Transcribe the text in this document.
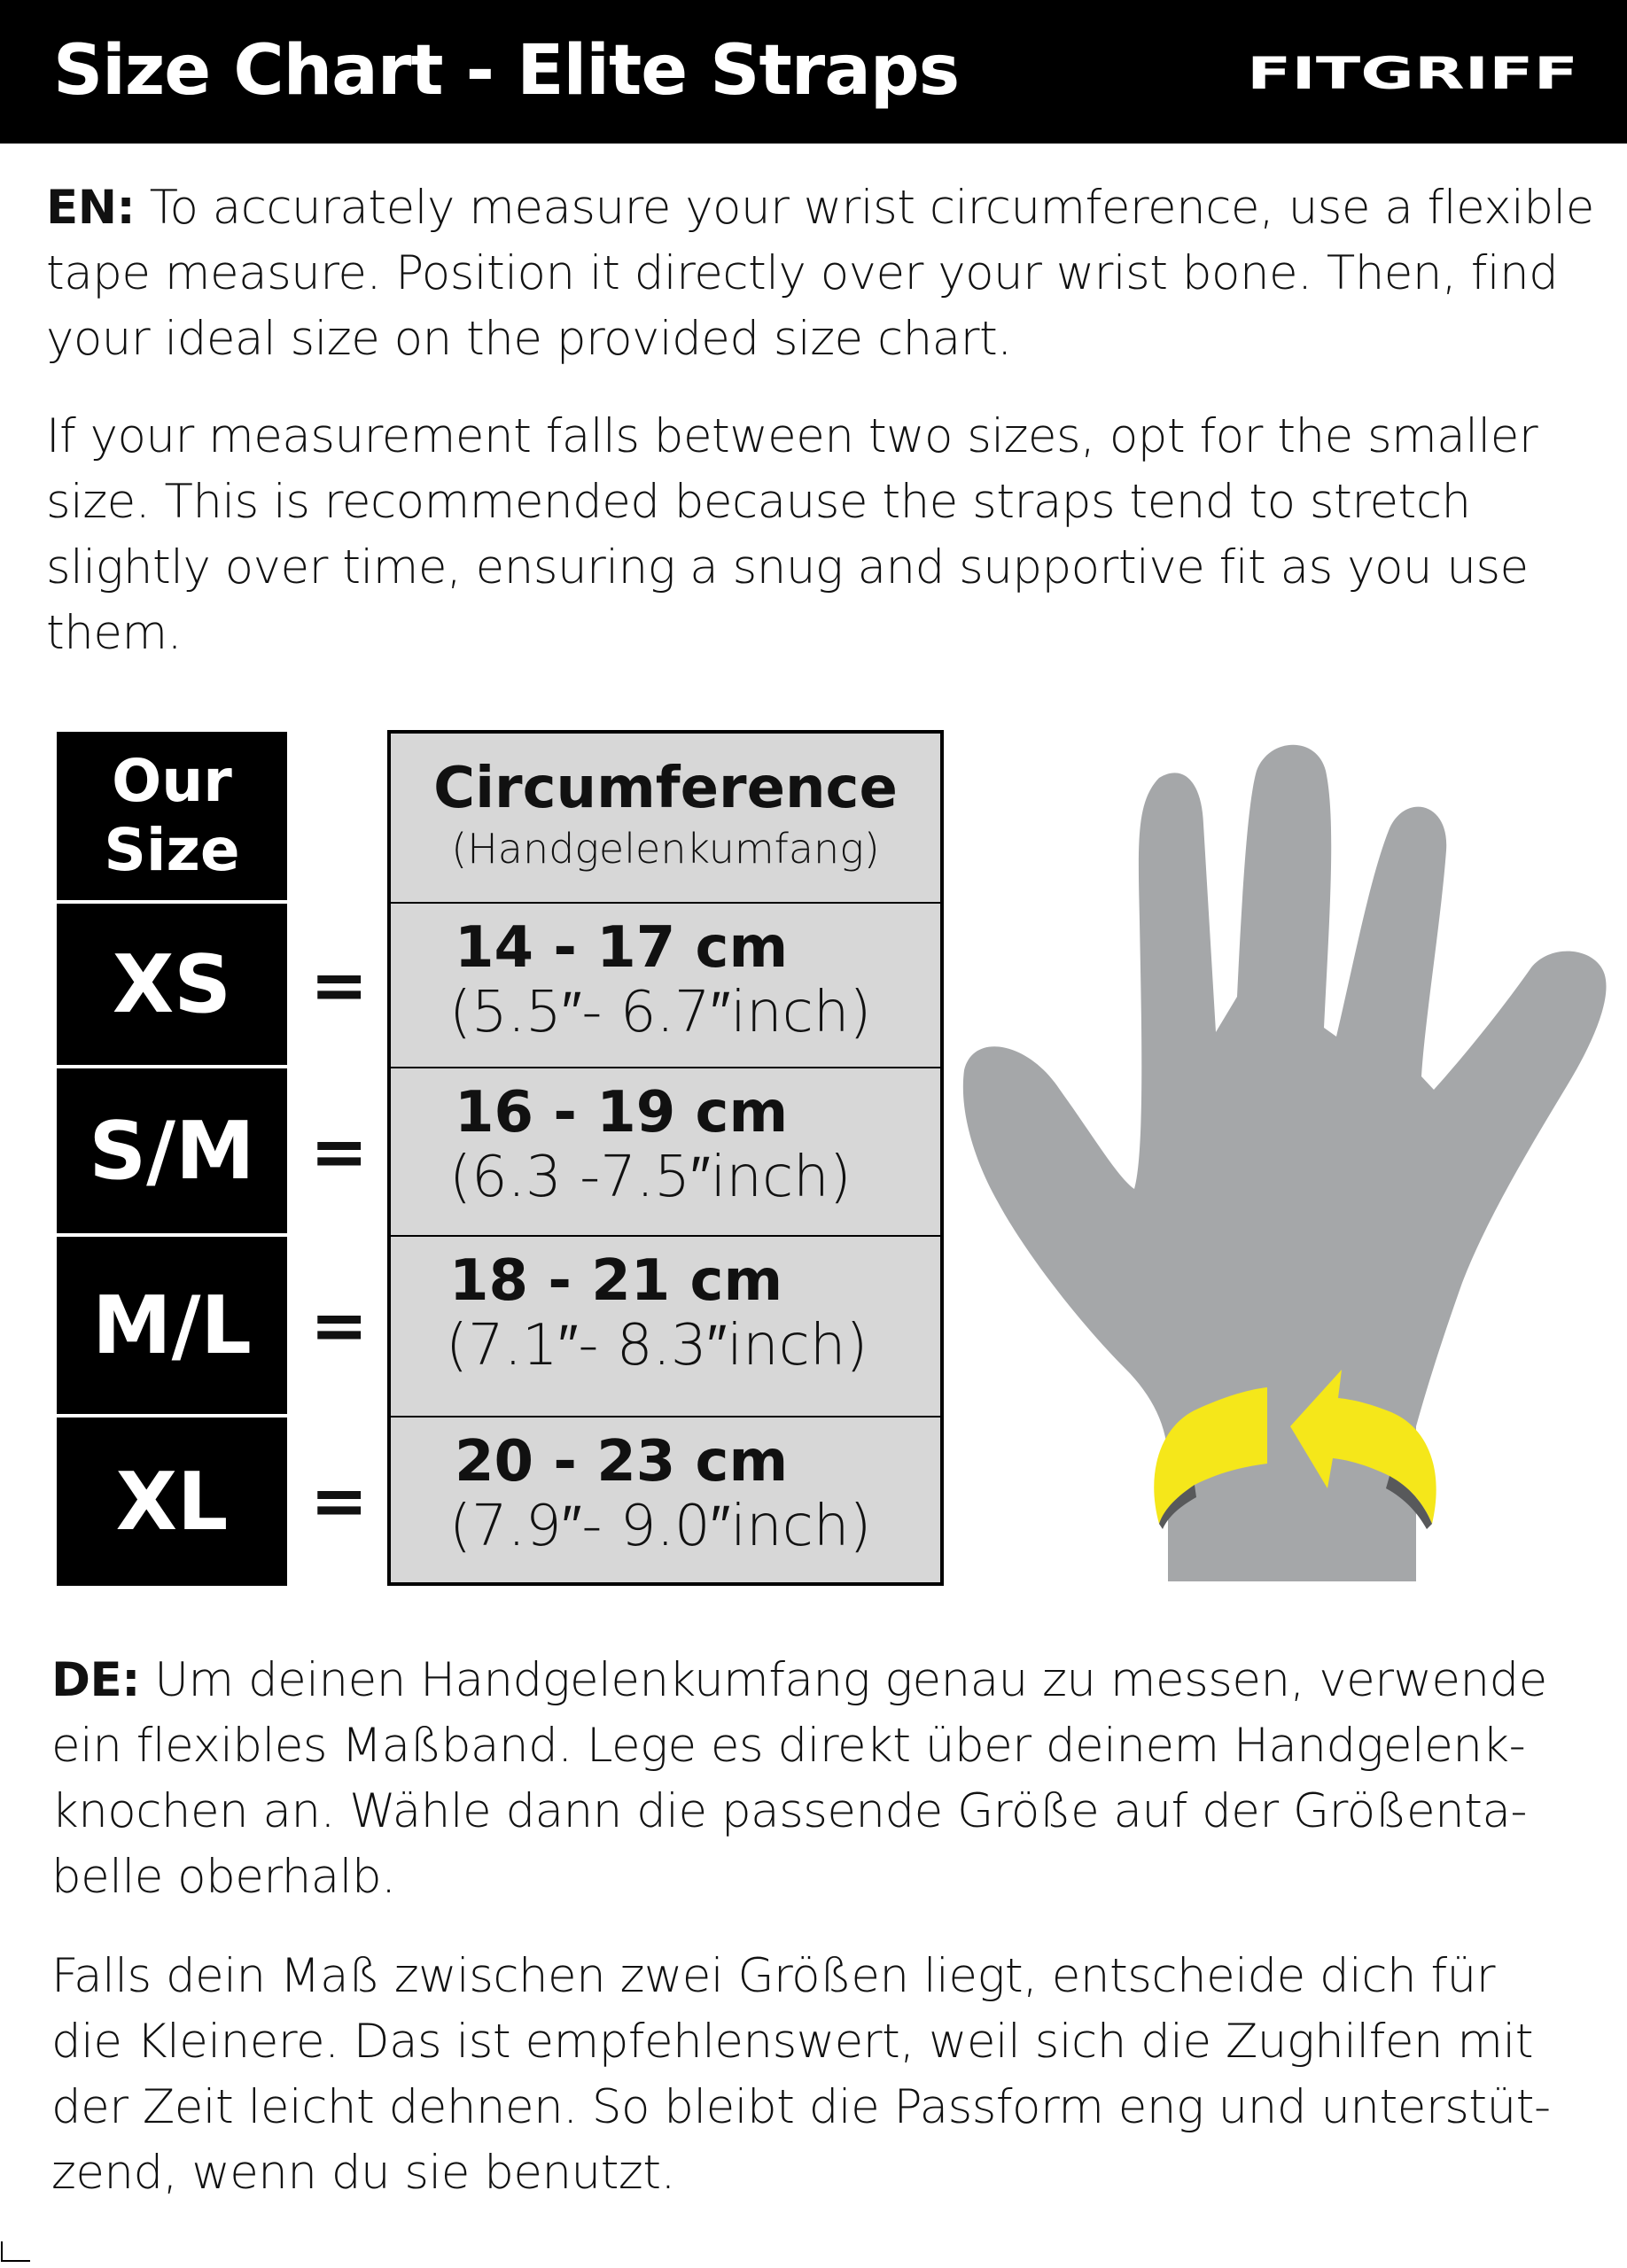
Size Chart - Elite Straps	FITGRIFF

EN: To accurately measure your wrist circumference, use a flexible
tape measure. Position it directly over your wrist bone. Then, find
your ideal size on the provided size chart.

If your measurement falls between two sizes, opt for the smaller
size. This is recommended because the straps tend to stretch
slightly over time, ensuring a snug and supportive fit as you use
them.

Our
Size
XS
S/M
M/L
XL
=
=
=
=
Circumference
(Handgelenkumfang)
14 - 17 cm
(5.5″- 6.7″inch)
16 - 19 cm
(6.3 -7.5″inch)
18 - 21 cm
(7.1″- 8.3″inch)
20 - 23 cm
(7.9″- 9.0″inch)

DE: Um deinen Handgelenkumfang genau zu messen, verwende
ein flexibles Maßband. Lege es direkt über deinem Handgelenk-
knochen an. Wähle dann die passende Größe auf der Größenta-
belle oberhalb.

Falls dein Maß zwischen zwei Größen liegt, entscheide dich für
die Kleinere. Das ist empfehlenswert, weil sich die Zughilfen mit
der Zeit leicht dehnen. So bleibt die Passform eng und unterstüt-
zend, wenn du sie benutzt.
